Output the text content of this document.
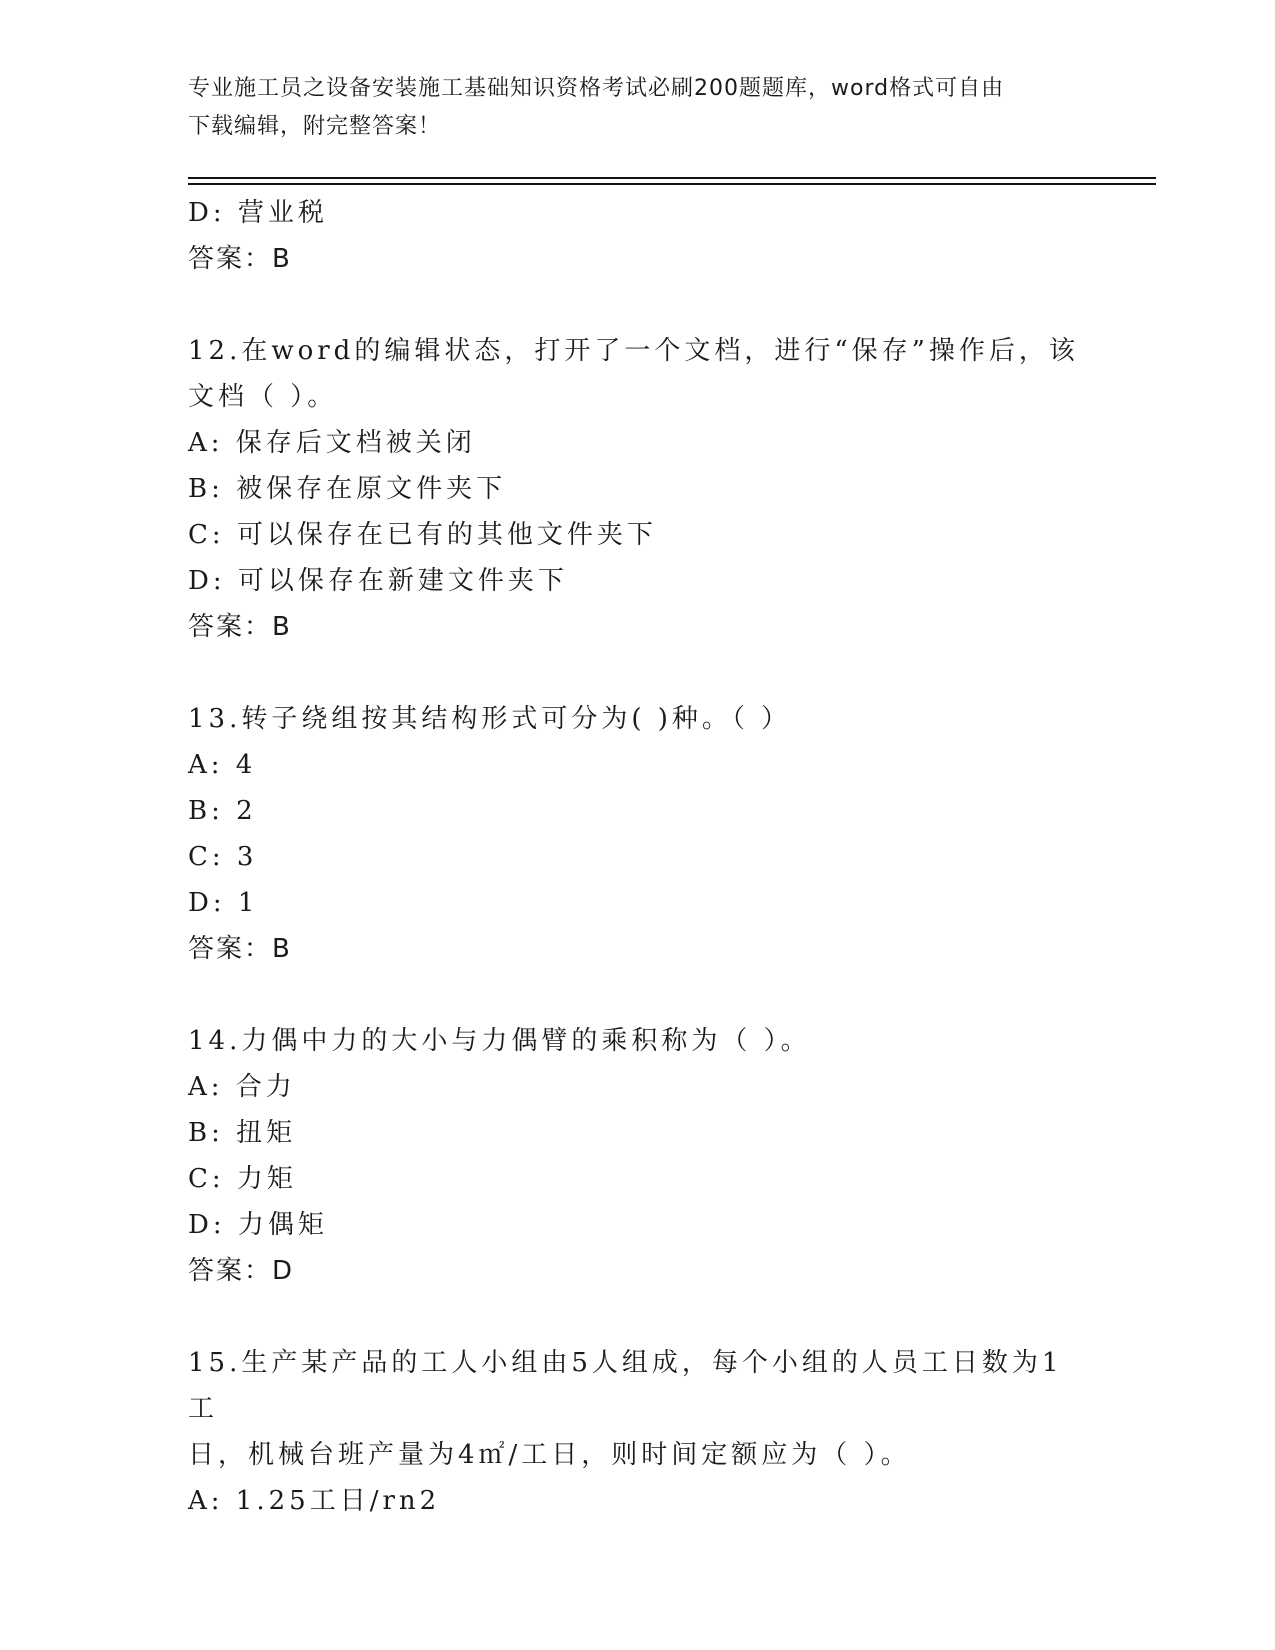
专业施工员之设备安装施工基础知识资格考试必刷200题题库，word格式可自由
下载编辑，附完整答案！
D: 营业税
答案：B
12.在word的编辑状态，打开了一个文档，进行“保存”操作后，该
文档（ ）。
A: 保存后文档被关闭
B: 被保存在原文件夹下
C: 可以保存在已有的其他文件夹下
D: 可以保存在新建文件夹下
答案：B
13.转子绕组按其结构形式可分为( )种。（ ）
A: 4
B: 2
C: 3
D: 1
答案：B
14.力偶中力的大小与力偶臂的乘积称为（ ）。
A: 合力
B: 扭矩
C: 力矩
D: 力偶矩
答案：D
15.生产某产品的工人小组由5人组成，每个小组的人员工日数为1工
日，机械台班产量为4㎡/工日，则时间定额应为（ ）。
A: 1.25工日/rn2
